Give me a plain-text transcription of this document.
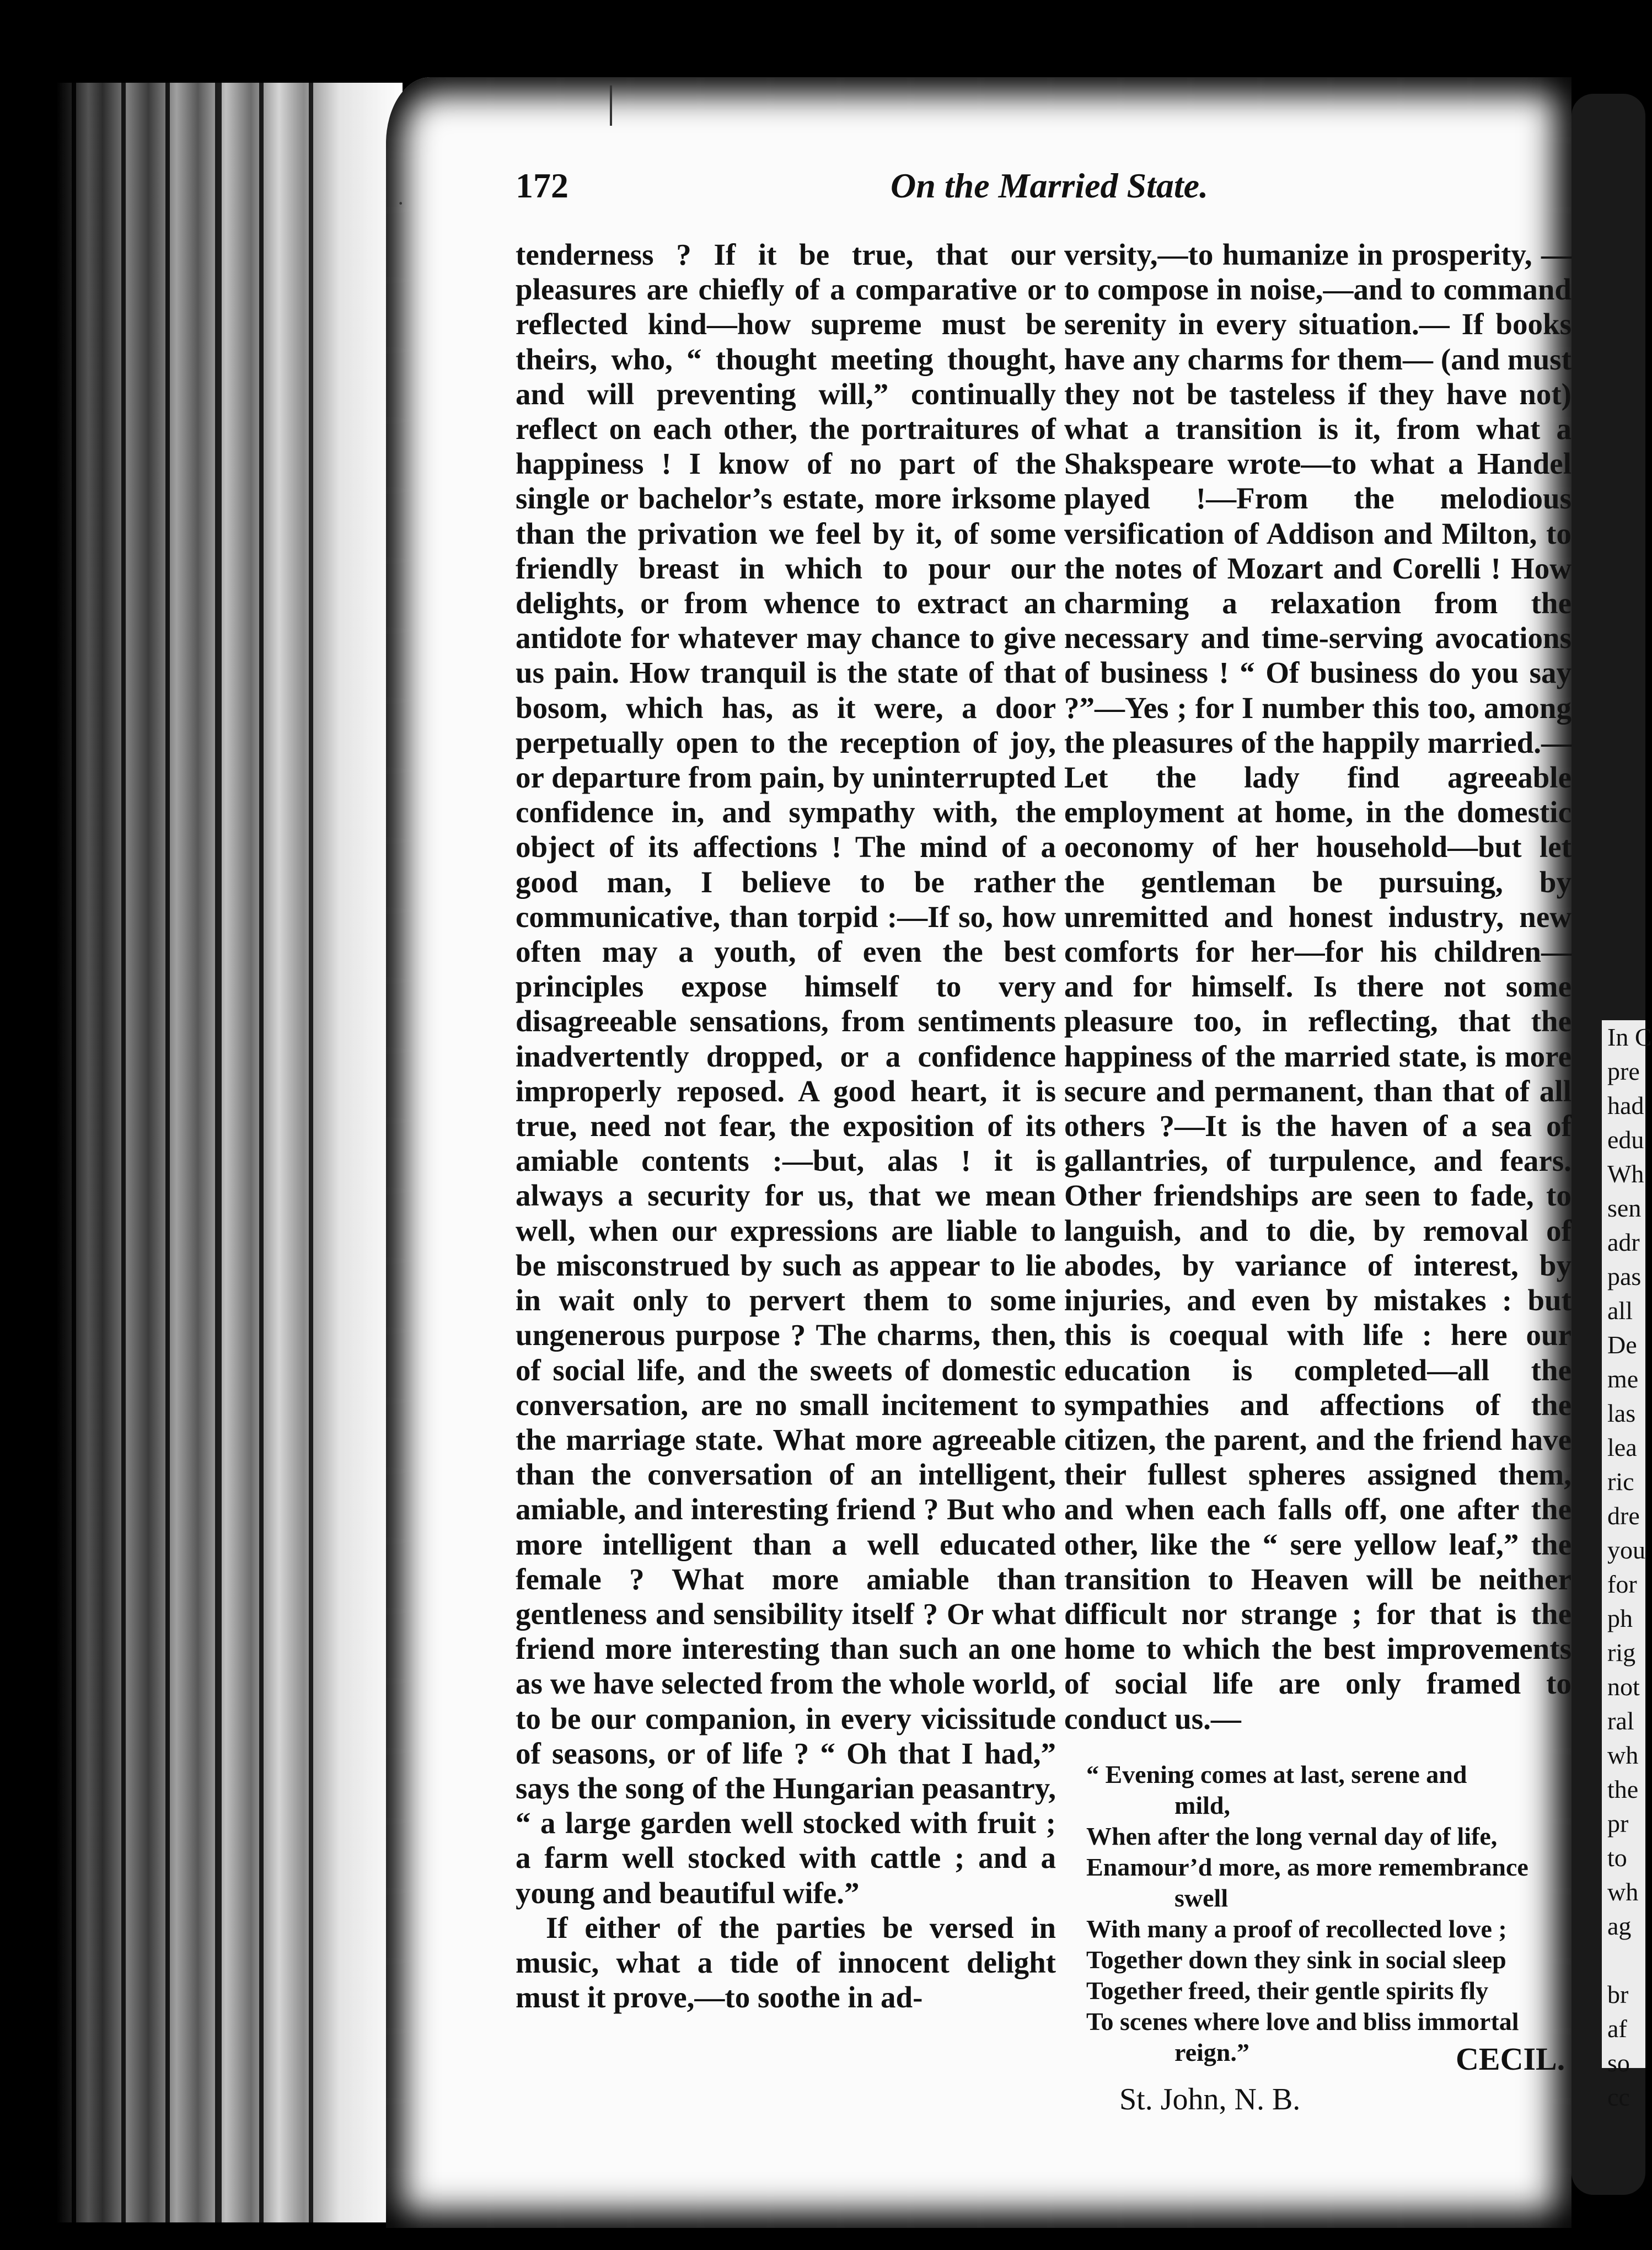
In C
pre
had
edu
Wh
sen
adr
pas
all
De
me
las
lea
ric
dre
you
for
ph
rig
not
ral
wh
the
pr
to
wh
ag

br
af
so
cc
172	On the Married State.

tenderness ? If it be true, that our pleasures are chiefly of a comparative or reflected kind—how supreme must be theirs, who, “ thought meeting thought, and will preventing will,” continually reflect on each other, the portraitures of happiness ! I know of no part of the single or bachelor’s estate, more irksome than the privation we feel by it, of some friendly breast in which to pour our delights, or from whence to extract an antidote for whatever may chance to give us pain. How tranquil is the state of that bosom, which has, as it were, a door perpetually open to the reception of joy, or departure from pain, by uninterrupted confidence in, and sympathy with, the object of its affections ! The mind of a good man, I believe to be rather communicative, than torpid :—If so, how often may a youth, of even the best principles expose himself to very disagreeable sensations, from sentiments inadvertently dropped, or a confidence improperly reposed. A good heart, it is true, need not fear, the exposition of its amiable contents :—but, alas ! it is always a security for us, that we mean well, when our expressions are liable to be misconstrued by such as appear to lie in wait only to pervert them to some ungenerous purpose ? The charms, then, of social life, and the sweets of domestic conversation, are no small incitement to the marriage state. What more agreeable than the conversation of an intelligent, amiable, and interesting friend ? But who more intelligent than a well educated female ? What more amiable than gentleness and sensibility itself ? Or what friend more interesting than such an one as we have selected from the whole world, to be our companion, in every vicissitude of seasons, or of life ? “ Oh that I had,” says the song of the Hungarian peasantry, “ a large garden well stocked with fruit ; a farm well stocked with cattle ; and a young and beautiful wife.”

If either of the parties be versed in music, what a tide of innocent delight must it prove,—to soothe in ad-

versity,—to humanize in prosperity, —to compose in noise,—and to command serenity in every situation.— If books have any charms for them— (and must they not be tasteless if they have not) what a transition is it, from what a Shakspeare wrote—to what a Handel played !—From the melodious versification of Addison and Milton, to the notes of Mozart and Corelli ! How charming a relaxation from the necessary and time-serving avocations of business ! “ Of business do you say ?”—Yes ; for I number this too, among the pleasures of the happily married.— Let the lady find agreeable employment at home, in the domestic oeconomy of her household—but let the gentleman be pursuing, by unremitted and honest industry, new comforts for her—for his children—and for himself. Is there not some pleasure too, in reflecting, that the happiness of the married state, is more secure and permanent, than that of all others ?—It is the haven of a sea of gallantries, of turpulence, and fears. Other friendships are seen to fade, to languish, and to die, by removal of abodes, by variance of interest, by injuries, and even by mistakes : but this is coequal with life : here our education is completed—all the sympathies and affections of the citizen, the parent, and the friend have their fullest spheres assigned them, and when each falls off, one after the other, like the “ sere yellow leaf,” the transition to Heaven will be neither difficult nor strange ; for that is the home to which the best improvements of social life are only framed to conduct us.—

“ Evening comes at last, serene and
mild,
When after the long vernal day of life,
Enamour’d more, as more remembrance
swell
With many a proof of recollected love ;
Together down they sink in social sleep
Together freed, their gentle spirits fly
To scenes where love and bliss immortal
reign.”	CECIL.
St. John, N. B.
·
|
